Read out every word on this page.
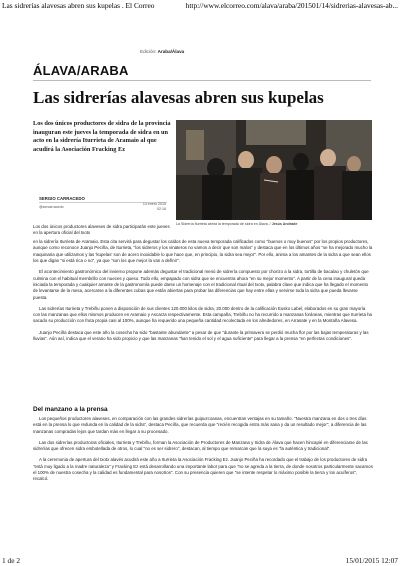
Las sidrerías alavesas abren sus kupelas . El Correo	http://www.elcorreo.com/alava/araba/201501/14/sidrerias-alavesas-ab...
Edición: Araba/Álava
ÁLAVA/ARABA
Las sidrerías alavesas abren sus kupelas
Los dos únicos productores de sidra de la provincia inauguran este jueves la temporada de sidra en un acto en la sidrería Iturrieta de Aramaio al que acudirá la Asociación Fracking Ez
La Sidrería Iturrieta abrirá la temporada de sidra en Álava. / Jesús Andrade
SERGIO CARRACEDO
@sercarracedo
14 enero 2015
02:16

Los dos únicos productores alaveses de sidra participarán este jueves en la apertura oficial del txotx

en la sidrería Iturrieta de Aramaio. Esta cita servirá para degustar los caldos de esta nueva temporada calificados como "buenos o muy buenos" por los propios productores, aunque como reconoce Juanjo Peciña, de Iturrieta, "los sidreros y los vinateros no vamos a decir que son malos" y destaca que en los últimos años "se ha mejorado mucho la maquinaria que utilizamos y las 'kupelas' son de acero inoxidable lo que hace que, en principio, la sidra sea mejor". Por ello, anima a los amantes de la sidra a que sean ellos los que digan "si está rica o no", ya que "son los que mejor la van a definir".

El acontecimiento gastronómico del invierno propone además degustar el tradicional menú de sidrería compuesto por chorizo a la sidra, tortilla de bacalao y chuletón que culmina con el habitual membrillo con nueces y queso. Todo ello, empapado con sidra que se encuentra ahora "en su mejor momento". A partir de la cena inaugural queda iniciada la temporada y cualquier amante de la gastronomía puede darse un homenaje con el tradicional ritual del txotx, palabra clave que indica que ha llegado el momento de levantarse de la mesa, acercarse a la diferentes cubas que están abiertas para probar las diferencias que hay entre ellas y servirse toda la sidra que pueda llevarse puesta.

Las sidrerías Iturrieta y Trebiñu ponen a disposición de sus clientes 120.000 kilos de sidra, 20.000 dentro de la calificación Eusko Label, elaborados en su gran mayoría con las manzanas que ellos mismos producen en Aramaio y Ascarza respectivamente. Esta campaña, Trebiñu no ha recurrido a manzanas foráneas, mientras que Iturrieta ha sacado su producción con fruta propia casi al 100%, aunque ha requerido una pequeña cantidad recolectada en los alrededores, en Arrasate y en la Montaña Alavesa.

Juanjo Peciña destaca que este año la cosecha ha sido "bastante abundante" a pesar de que "durante la primavera se perdió mucha flor por las bajas temperaturas y las lluvias". Aún así, indica que el verano ha sido propicio y que las manzanas "han tenido el sol y el agua suficiente" para llegar a la prensa "en perfectas condiciones".

Del manzano a la prensa

Los pequeños productores alaveses, en comparación con las grandes sidrerías guipuzcoanas, encuentran ventajas en su tamaño. "Nuestra manzana en dos o tres días está en la prensa lo que redunda en la calidad de la sidra", destaca Peciña, que recuerda que "recién recogida entra más sana y da un resultado mejor", a diferencia de las manzanas compradas lejos que tardan más en llegar a su procesado.

Las dos sidrerías productoras oficiales, Iturrieta y Trebiñu, forman la Asociación de Productores de Manzana y Sidra de Álava que hacen hincapié en diferenciarse de las sidrerías que ofrecen sidra embotellada de otros, lo cual "no es ser sidrero", destacan, al tiempo que remarcan que la suya es "la auténtica y tradicional".

A la ceremonia de apertura del txotx alavés acudirá este año a Iturrieta la Asociación Fracking Ez. Juanjo Peciña ha recordado que el trabajo de los productores de sidra "está muy ligado a la madre naturaleza" y Fracking Ez está desarrollando una importante labor para que "no se agreda a la tierra, de donde nosotros particularmente sacamos el 100% de nuestra cosecha y la calidad es fundamental para nosotros". Con su presencia quieren que "se intente respetar lo máximo posible la tierra y los acuíferos", recalcó.

1 de 2	15/01/2015 12:07
